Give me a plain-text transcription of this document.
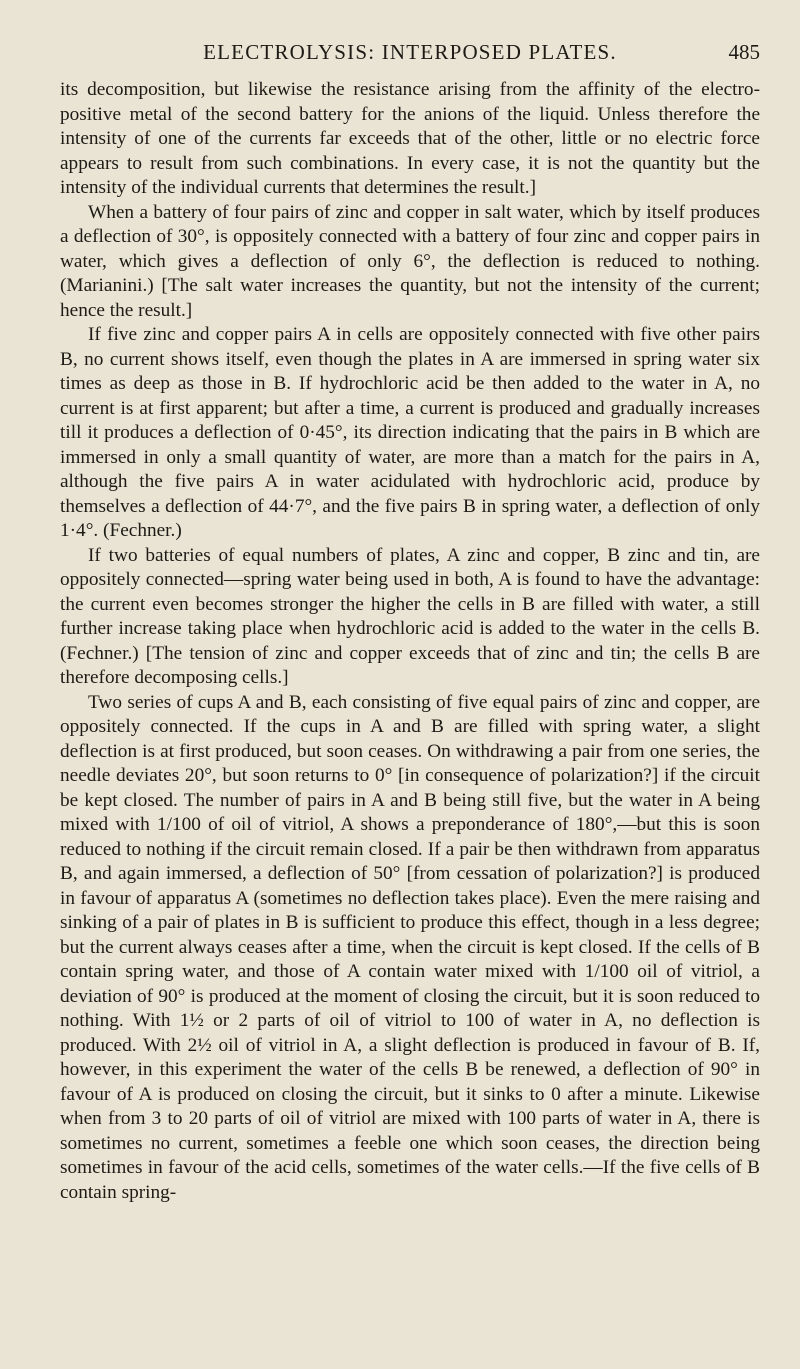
ELECTROLYSIS: INTERPOSED PLATES.	485

its decomposition, but likewise the resistance arising from the affinity of the electro-positive metal of the second battery for the anions of the liquid. Unless therefore the intensity of one of the currents far exceeds that of the other, little or no electric force appears to result from such combinations. In every case, it is not the quantity but the intensity of the individual currents that determines the result.]

When a battery of four pairs of zinc and copper in salt water, which by itself produces a deflection of 30°, is oppositely connected with a battery of four zinc and copper pairs in water, which gives a deflection of only 6°, the deflection is reduced to nothing. (Marianini.) [The salt water increases the quantity, but not the intensity of the current; hence the result.]

If five zinc and copper pairs A in cells are oppositely connected with five other pairs B, no current shows itself, even though the plates in A are immersed in spring water six times as deep as those in B. If hydrochloric acid be then added to the water in A, no current is at first apparent; but after a time, a current is produced and gradually increases till it produces a deflection of 0·45°, its direction indicating that the pairs in B which are immersed in only a small quantity of water, are more than a match for the pairs in A, although the five pairs A in water acidulated with hydrochloric acid, produce by themselves a deflection of 44·7°, and the five pairs B in spring water, a deflection of only 1·4°. (Fechner.)

If two batteries of equal numbers of plates, A zinc and copper, B zinc and tin, are oppositely connected—spring water being used in both, A is found to have the advantage: the current even becomes stronger the higher the cells in B are filled with water, a still further increase taking place when hydrochloric acid is added to the water in the cells B. (Fechner.) [The tension of zinc and copper exceeds that of zinc and tin; the cells B are therefore decomposing cells.]

Two series of cups A and B, each consisting of five equal pairs of zinc and copper, are oppositely connected. If the cups in A and B are filled with spring water, a slight deflection is at first produced, but soon ceases. On withdrawing a pair from one series, the needle deviates 20°, but soon returns to 0° [in consequence of polarization?] if the circuit be kept closed. The number of pairs in A and B being still five, but the water in A being mixed with 1/100 of oil of vitriol, A shows a preponderance of 180°,—but this is soon reduced to nothing if the circuit remain closed. If a pair be then withdrawn from apparatus B, and again immersed, a deflection of 50° [from cessation of polarization?] is produced in favour of apparatus A (sometimes no deflection takes place). Even the mere raising and sinking of a pair of plates in B is sufficient to produce this effect, though in a less degree; but the current always ceases after a time, when the circuit is kept closed. If the cells of B contain spring water, and those of A contain water mixed with 1/100 oil of vitriol, a deviation of 90° is produced at the moment of closing the circuit, but it is soon reduced to nothing. With 1½ or 2 parts of oil of vitriol to 100 of water in A, no deflection is produced. With 2½ oil of vitriol in A, a slight deflection is produced in favour of B. If, however, in this experiment the water of the cells B be renewed, a deflection of 90° in favour of A is produced on closing the circuit, but it sinks to 0 after a minute. Likewise when from 3 to 20 parts of oil of vitriol are mixed with 100 parts of water in A, there is sometimes no current, sometimes a feeble one which soon ceases, the direction being sometimes in favour of the acid cells, sometimes of the water cells.—If the five cells of B contain spring-
